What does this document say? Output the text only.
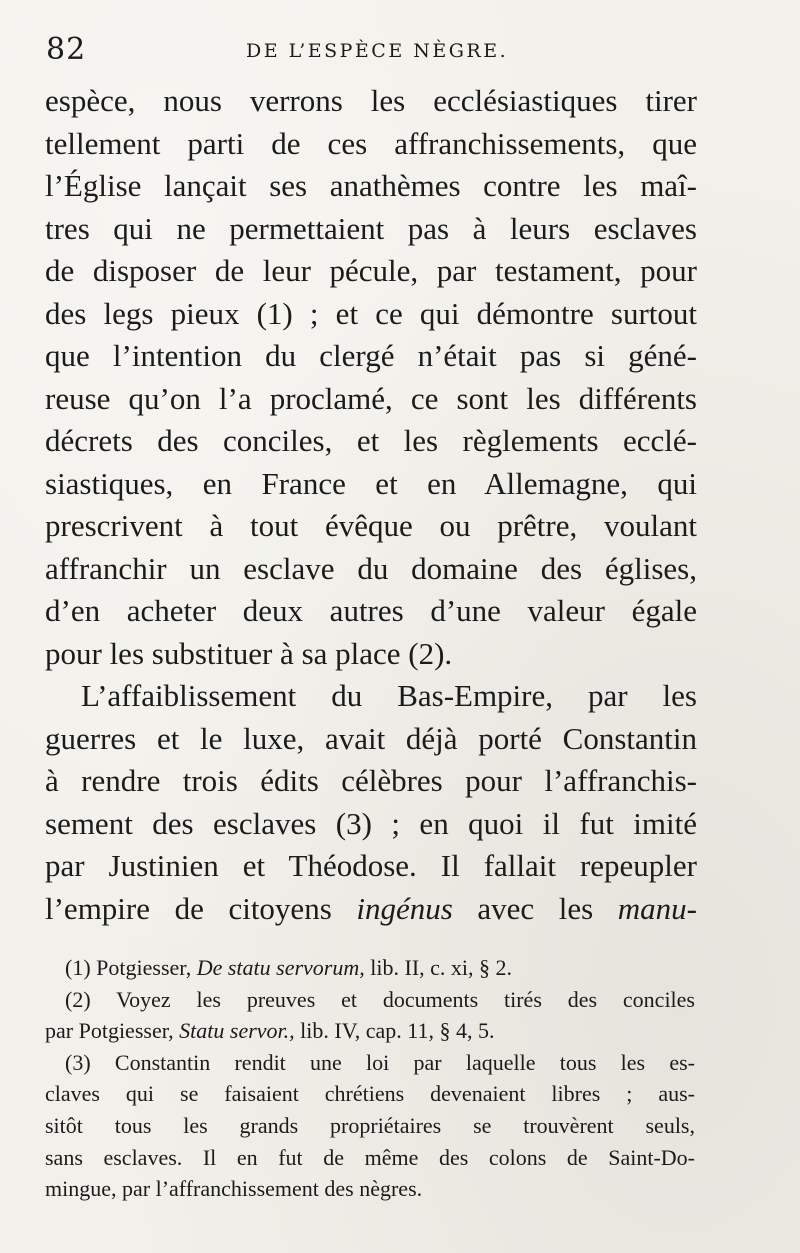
82	DE L’ESPÈCE NÈGRE.
espèce, nous verrons les ecclésiastiques tirer
tellement parti de ces affranchissements, que
l’Église lançait ses anathèmes contre les maî-
tres qui ne permettaient pas à leurs esclaves
de disposer de leur pécule, par testament, pour
des legs pieux (1) ; et ce qui démontre surtout
que l’intention du clergé n’était pas si géné-
reuse qu’on l’a proclamé, ce sont les différents
décrets des conciles, et les règlements ecclé-
siastiques, en France et en Allemagne, qui
prescrivent à tout évêque ou prêtre, voulant
affranchir un esclave du domaine des églises,
d’en acheter deux autres d’une valeur égale
pour les substituer à sa place (2).
L’affaiblissement du Bas-Empire, par les
guerres et le luxe, avait déjà porté Constantin
à rendre trois édits célèbres pour l’affranchis-
sement des esclaves (3) ; en quoi il fut imité
par Justinien et Théodose. Il fallait repeupler
l’empire de citoyens ingénus avec les manu-
(1) Potgiesser, De statu servorum, lib. II, c. xi, § 2.
(2) Voyez les preuves et documents tirés des conciles
par Potgiesser, Statu servor., lib. IV, cap. 11, § 4, 5.
(3) Constantin rendit une loi par laquelle tous les es-
claves qui se faisaient chrétiens devenaient libres ; aus-
sitôt tous les grands propriétaires se trouvèrent seuls,
sans esclaves. Il en fut de même des colons de Saint-Do-
mingue, par l’affranchissement des nègres.
